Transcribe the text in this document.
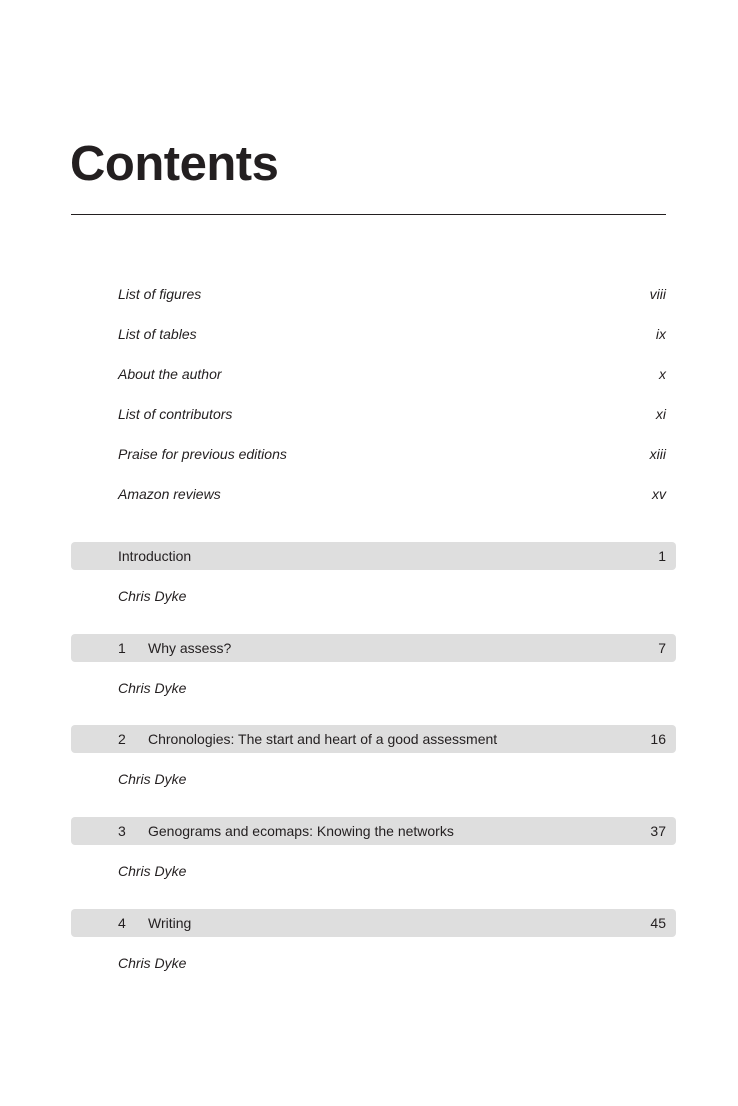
Contents
List of figures	viii
List of tables	ix
About the author	x
List of contributors	xi
Praise for previous editions	xiii
Amazon reviews	xv
Introduction	1
Chris Dyke
1 Why assess?	7
Chris Dyke
2 Chronologies: The start and heart of a good assessment	16
Chris Dyke
3 Genograms and ecomaps: Knowing the networks	37
Chris Dyke
4 Writing	45
Chris Dyke
